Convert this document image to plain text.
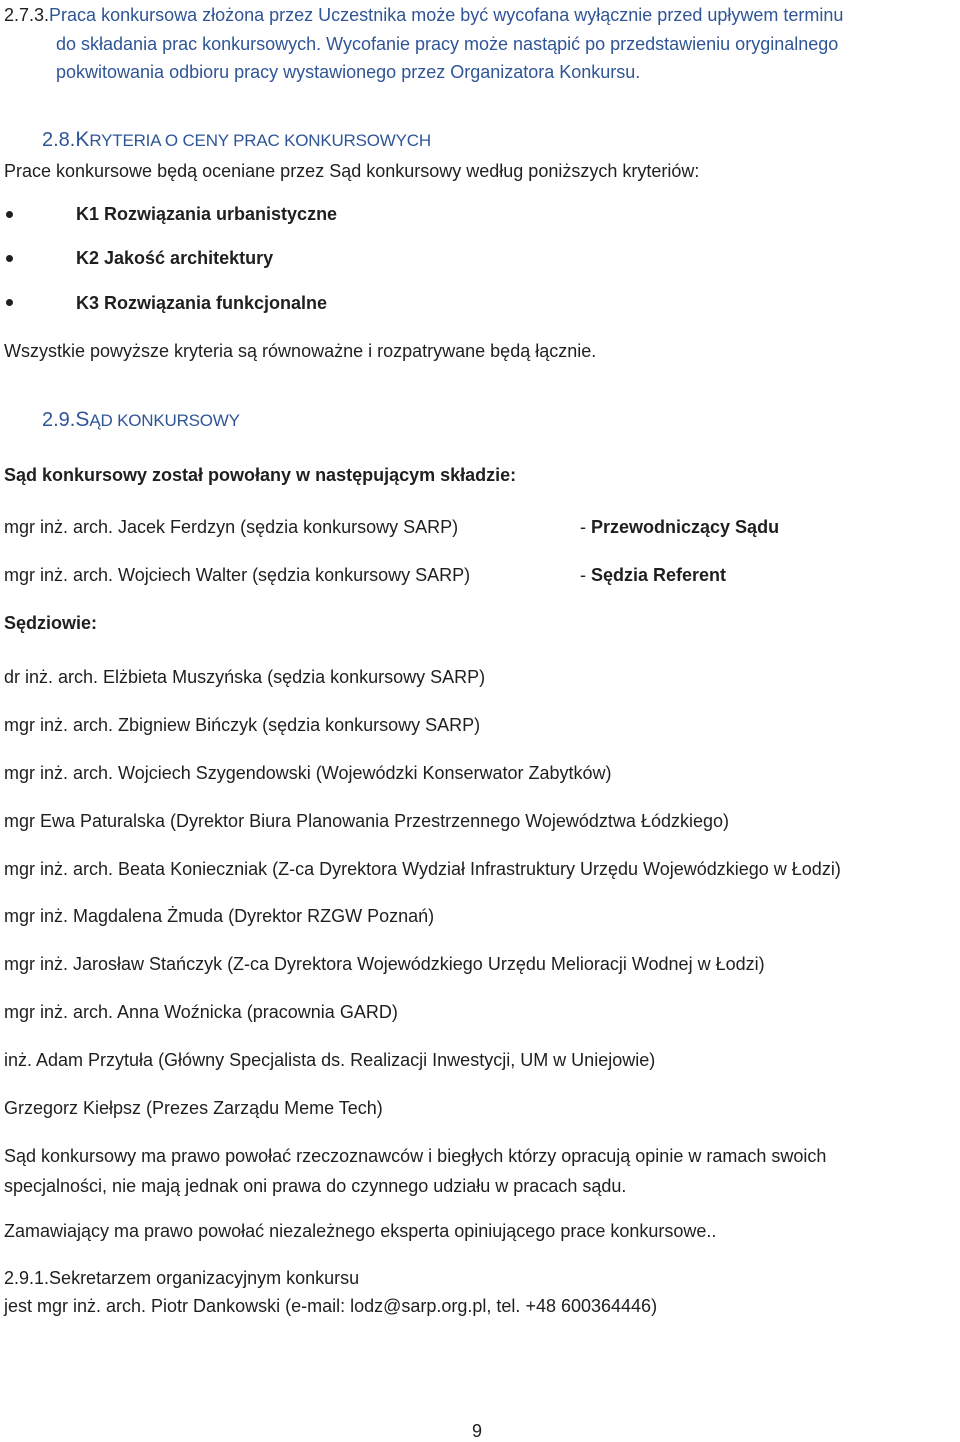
2.7.3.Praca konkursowa złożona przez Uczestnika może być wycofana wyłącznie przed upływem terminu
do składania prac konkursowych. Wycofanie pracy może nastąpić po przedstawieniu oryginalnego
pokwitowania odbioru pracy wystawionego przez Organizatora Konkursu.
2.8.KRYTERIA O CENY PRAC KONKURSOWYCH
Prace konkursowe będą oceniane przez Sąd konkursowy według poniższych kryteriów:
K1 Rozwiązania urbanistyczne
K2 Jakość architektury
K3 Rozwiązania funkcjonalne
Wszystkie powyższe kryteria są równoważne i rozpatrywane będą łącznie.
2.9.SĄD KONKURSOWY
Sąd konkursowy został powołany w następującym składzie:
mgr inż. arch. Jacek Ferdzyn (sędzia konkursowy SARP)	- Przewodniczący Sądu
mgr inż. arch. Wojciech Walter (sędzia konkursowy SARP)	- Sędzia Referent
Sędziowie:
dr inż. arch. Elżbieta Muszyńska (sędzia konkursowy SARP)
mgr inż. arch. Zbigniew Bińczyk (sędzia konkursowy SARP)
mgr inż. arch. Wojciech Szygendowski (Wojewódzki Konserwator Zabytków)
mgr Ewa Paturalska (Dyrektor Biura Planowania Przestrzennego Województwa Łódzkiego)
mgr inż. arch. Beata Konieczniak (Z-ca Dyrektora Wydział Infrastruktury Urzędu Wojewódzkiego w Łodzi)
mgr inż. Magdalena Żmuda (Dyrektor RZGW Poznań)
mgr inż. Jarosław Stańczyk (Z-ca Dyrektora Wojewódzkiego Urzędu Melioracji Wodnej w Łodzi)
mgr inż. arch. Anna Woźnicka (pracownia GARD)
inż. Adam Przytuła (Główny Specjalista ds. Realizacji Inwestycji, UM w Uniejowie)
Grzegorz Kiełpsz (Prezes Zarządu Meme Tech)
Sąd konkursowy ma prawo powołać rzeczoznawców i biegłych którzy opracują opinie w ramach swoich
specjalności, nie mają jednak oni prawa do czynnego udziału w pracach sądu.
Zamawiający ma prawo powołać niezależnego eksperta opiniującego prace konkursowe..
2.9.1.Sekretarzem organizacyjnym konkursu
jest mgr inż. arch. Piotr Dankowski (e-mail: lodz@sarp.org.pl, tel. +48 600364446)
9
